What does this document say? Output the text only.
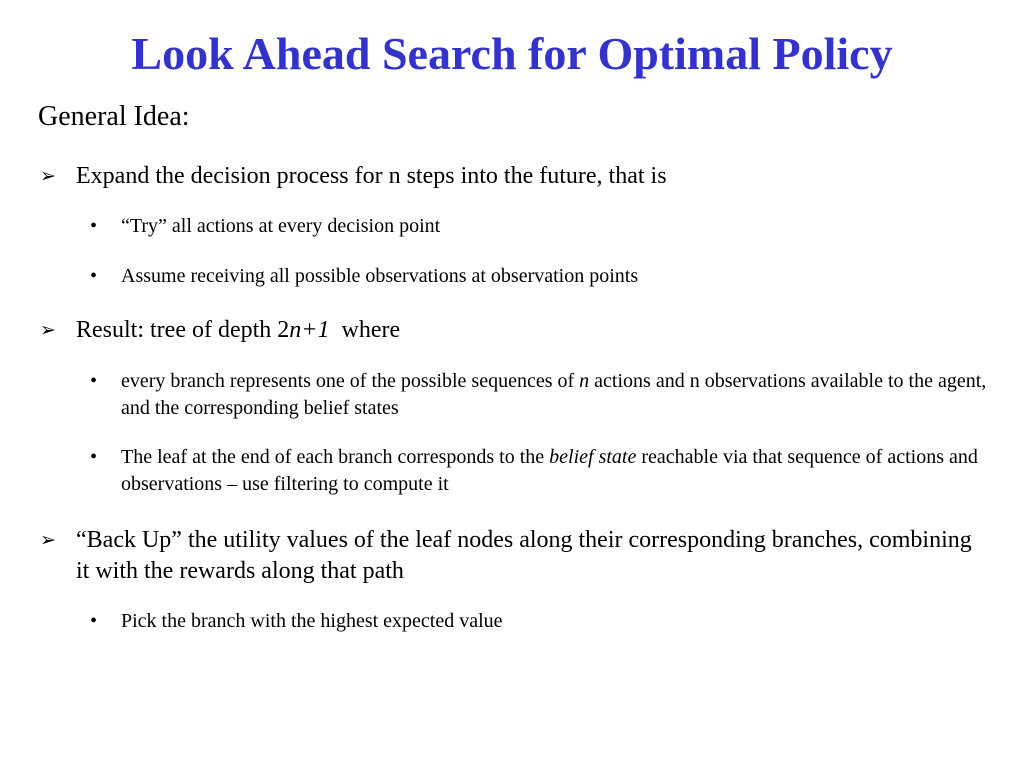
Look Ahead Search for Optimal Policy
General Idea:
➢ Expand the decision process for n steps into the future, that is
• “Try” all actions at every decision point
• Assume receiving all possible observations at observation points
➢ Result: tree of depth 2n+1  where
• every branch represents one of the possible sequences of n actions and n observations available to the agent, and the corresponding belief states
• The leaf at the end of each branch corresponds to the belief state reachable via that sequence of actions and observations – use filtering to compute it
➢ “Back Up” the utility values of the leaf nodes along their corresponding branches, combining it with the rewards along that path
• Pick the branch with the highest expected value
